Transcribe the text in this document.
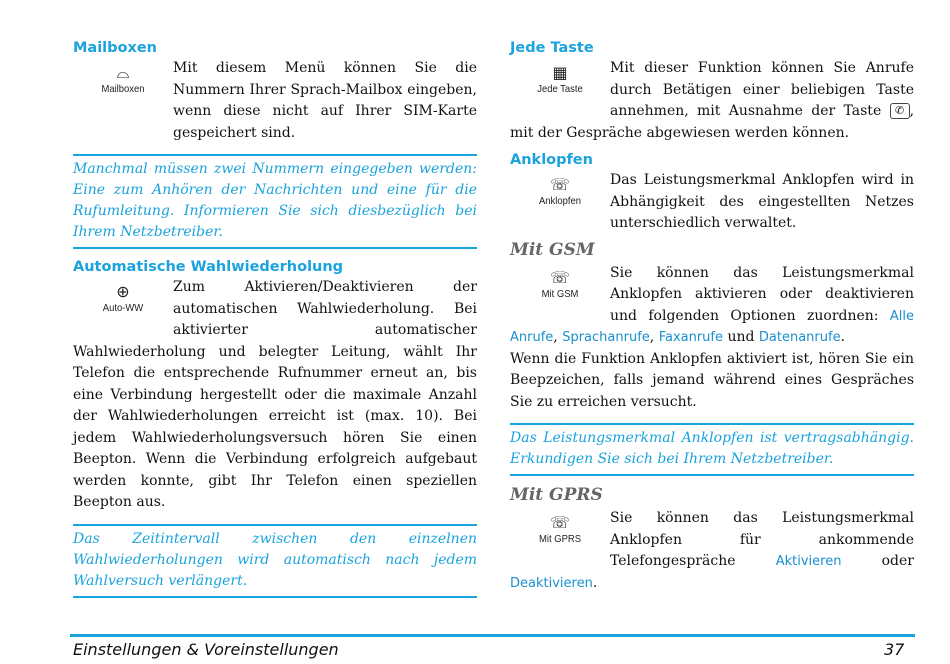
Mailboxen
⌓
Mailboxen

Mit diesem Menü können Sie die Nummern Ihrer Sprach-Mailbox eingeben, wenn diese nicht auf Ihrer SIM-Karte gespeichert sind.

Manchmal müssen zwei Nummern eingegeben werden: Eine zum Anhören der Nachrichten und eine für die Rufumleitung. Informieren Sie sich diesbezüglich bei Ihrem Netzbetreiber.
Automatische Wahlwiederholung
⊕
Auto-WW

Zum Aktivieren/Deaktivieren der automatischen Wahlwiederholung. Bei aktivierter automatischer Wahlwiederholung und belegter Leitung, wählt Ihr Telefon die entsprechende Rufnummer erneut an, bis eine Verbindung hergestellt oder die maximale Anzahl der Wahlwiederholungen erreicht ist (max. 10). Bei jedem Wahlwiederholungsversuch hören Sie einen Beepton. Wenn die Verbindung erfolgreich aufgebaut werden konnte, gibt Ihr Telefon einen speziellen Beepton aus.

Das Zeitintervall zwischen den einzelnen Wahlwiederholungen wird automatisch nach jedem Wahlversuch verlängert.
Jede Taste
▦
Jede Taste

Mit dieser Funktion können Sie Anrufe durch Betätigen einer beliebigen Taste annehmen, mit Ausnahme der Taste ✆ , mit der Gespräche abgewiesen werden können.

Anklopfen
☏
Anklopfen

Das Leistungsmerkmal Anklopfen wird in Abhängigkeit des eingestellten Netzes unterschiedlich verwaltet.

Mit GSM
☏
Mit GSM

Sie können das Leistungsmerkmal Anklopfen aktivieren oder deaktivieren und folgenden Optionen zuordnen: Alle Anrufe, Sprachanrufe, Faxanrufe und Datenanrufe.

Wenn die Funktion Anklopfen aktiviert ist, hören Sie ein Beepzeichen, falls jemand während eines Gespräches Sie zu erreichen versucht.

Das Leistungsmerkmal Anklopfen ist vertragsabhängig. Erkundigen Sie sich bei Ihrem Netzbetreiber.
Mit GPRS
☏
Mit GPRS

Sie können das Leistungsmerkmal Anklopfen für ankommende Telefongespräche	Aktivieren oder Deaktivieren.

Einstellungen & Voreinstellungen	37
